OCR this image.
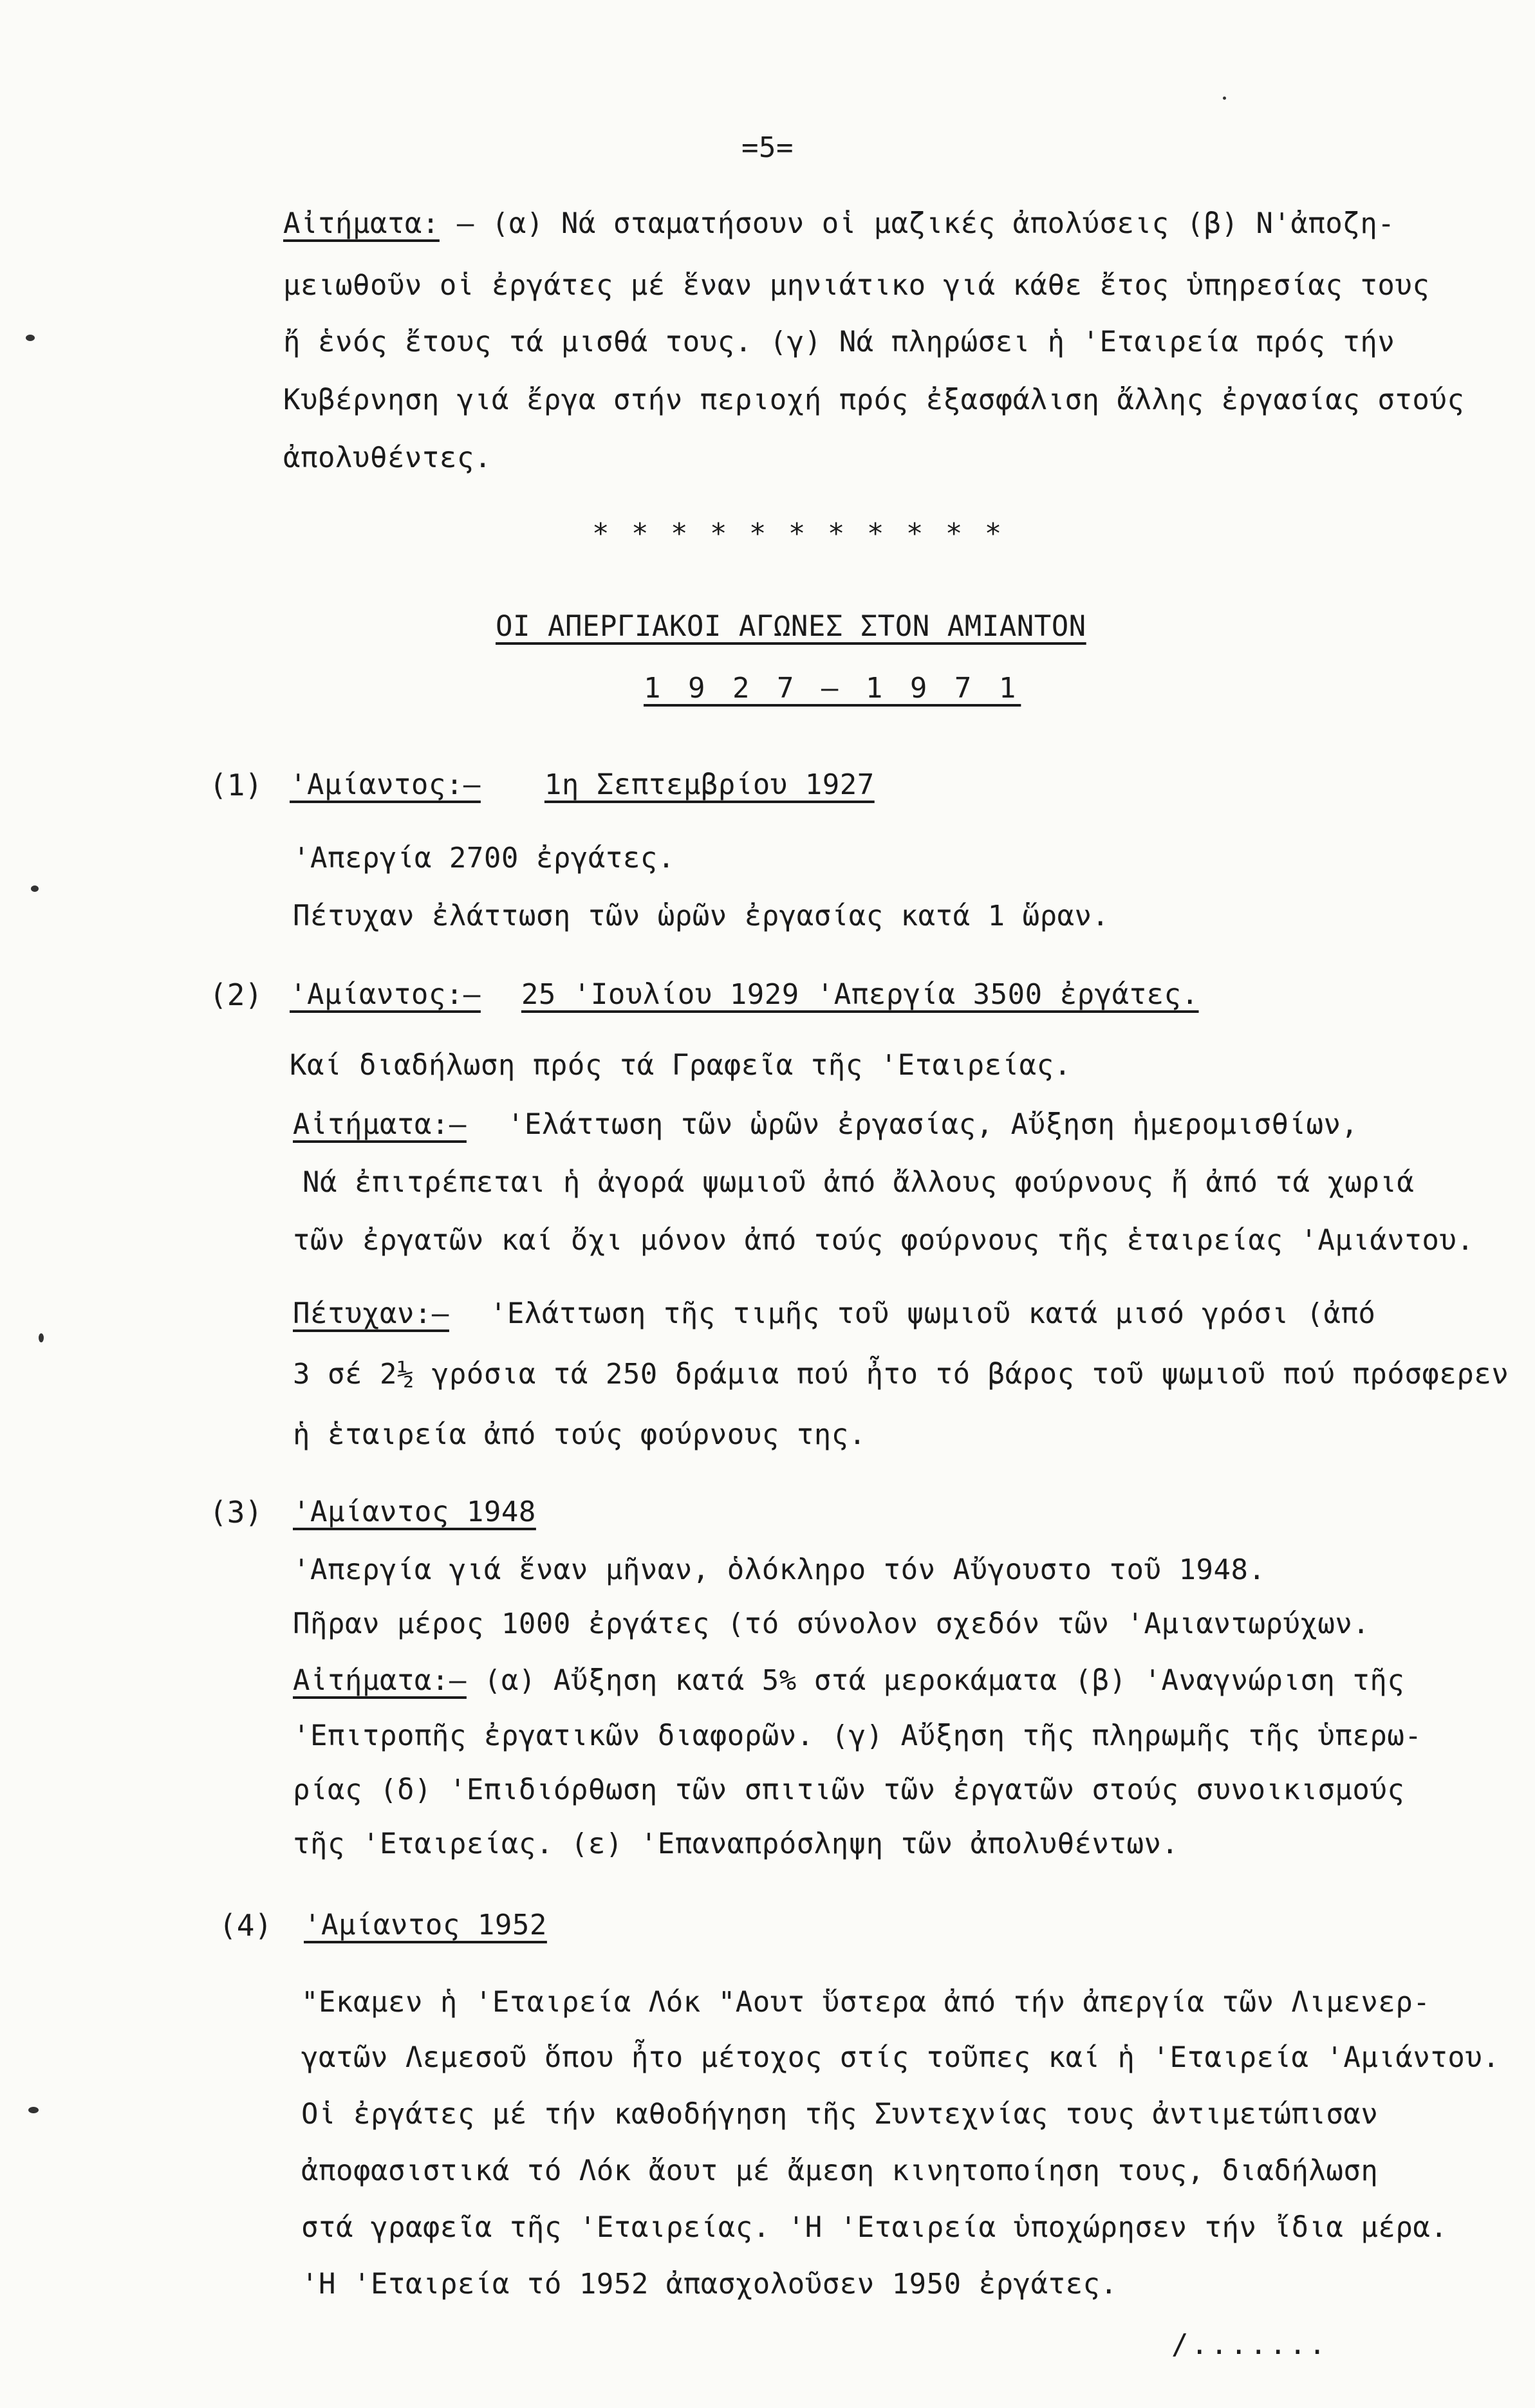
=5=
Αἰτήματα: – (α) Νά σταματήσουν οἱ μαζικές ἀπολύσεις (β) Ν'ἀποζη-
μειωθοῦν οἱ ἐργάτες μέ ἕναν μηνιάτικο γιά κάθε ἔτος ὑπηρεσίας τους
ἤ ἑνός ἔτους τά μισθά τους. (γ) Νά πληρώσει ἡ 'Εταιρεία πρός τήν
Κυβέρνηση γιά ἔργα στήν περιοχή πρός ἐξασφάλιση ἄλλης ἐργασίας στούς
ἀπολυθέντες.
* * * * * * * * * * *
ΟΙ ΑΠΕΡΓΙΑΚΟΙ ΑΓΩΝΕΣ ΣΤΟΝ ΑΜΙΑΝΤΟΝ
1 9 2 7 – 1 9 7 1
(1) 'Αμίαντος:– 1η Σεπτεμβρίου 1927
'Απεργία 2700 ἐργάτες.
Πέτυχαν ἐλάττωση τῶν ὡρῶν ἐργασίας κατά 1 ὥραν.
(2) 'Αμίαντος:– 25 'Ιουλίου 1929 'Απεργία 3500 ἐργάτες.
Καί διαδήλωση πρός τά Γραφεῖα τῆς 'Εταιρείας.
Αἰτήματα:– 'Ελάττωση τῶν ὡρῶν ἐργασίας, Αὔξηση ἡμερομισθίων,
Νά ἐπιτρέπεται ἡ ἀγορά ψωμιοῦ ἀπό ἄλλους φούρνους ἤ ἀπό τά χωριά
τῶν ἐργατῶν καί ὄχι μόνον ἀπό τούς φούρνους τῆς ἑταιρείας 'Αμιάντου.
Πέτυχαν:– 'Ελάττωση τῆς τιμῆς τοῦ ψωμιοῦ κατά μισό γρόσι (ἀπό
3 σέ 2½ γρόσια τά 250 δράμια πού ἦτο τό βάρος τοῦ ψωμιοῦ πού πρόσφερεν
ἡ ἑταιρεία ἀπό τούς φούρνους της.
(3) 'Αμίαντος 1948
'Απεργία γιά ἕναν μῆναν, ὁλόκληρο τόν Αὔγουστο τοῦ 1948.
Πῆραν μέρος 1000 ἐργάτες (τό σύνολον σχεδόν τῶν 'Αμιαντωρύχων.
Αἰτήματα:– (α) Αὔξηση κατά 5% στά μεροκάματα (β) 'Αναγνώριση τῆς
'Επιτροπῆς ἐργατικῶν διαφορῶν. (γ) Αὔξηση τῆς πληρωμῆς τῆς ὑπερω-
ρίας (δ) 'Επιδιόρθωση τῶν σπιτιῶν τῶν ἐργατῶν στούς συνοικισμούς
τῆς 'Εταιρείας. (ε) 'Επαναπρόσληψη τῶν ἀπολυθέντων.
(4) 'Αμίαντος 1952
"Εκαμεν ἡ 'Εταιρεία Λόκ "Αουτ ὕστερα ἀπό τήν ἀπεργία τῶν Λιμενερ-
γατῶν Λεμεσοῦ ὅπου ἦτο μέτοχος στίς τοῦπες καί ἡ 'Εταιρεία 'Αμιάντου.
Οἱ ἐργάτες μέ τήν καθοδήγηση τῆς Συντεχνίας τους ἀντιμετώπισαν
ἀποφασιστικά τό Λόκ ἄουτ μέ ἄμεση κινητοποίηση τους, διαδήλωση
στά γραφεῖα τῆς 'Εταιρείας. 'Η 'Εταιρεία ὑποχώρησεν τήν ἴδια μέρα.
'Η 'Εταιρεία τό 1952 ἀπασχολοῦσεν 1950 ἐργάτες.
/.......
